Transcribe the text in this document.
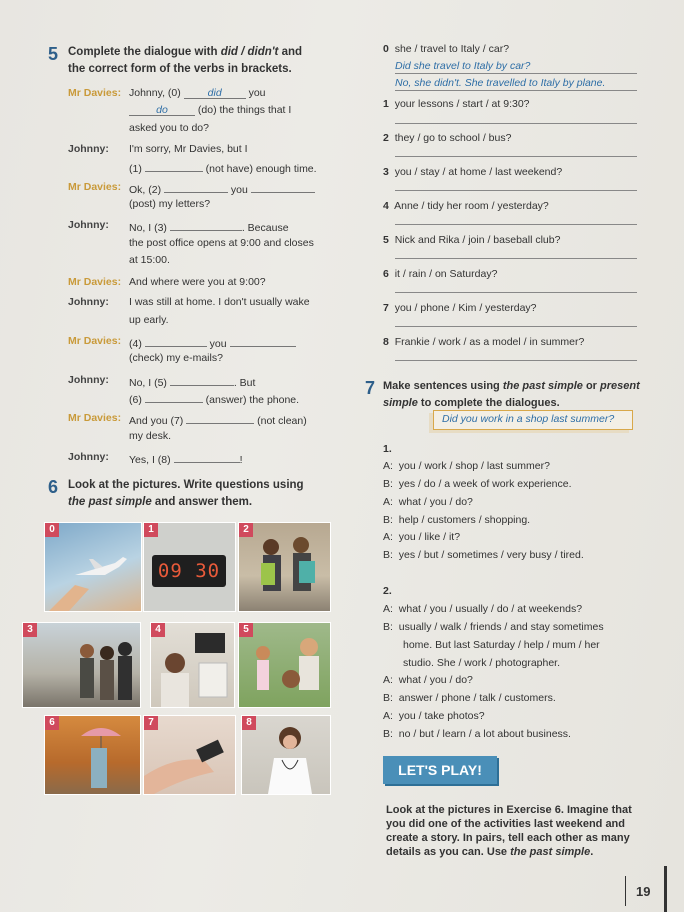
5 Complete the dialogue with did / didn't and
the correct form of the verbs in brackets.
Mr Davies: Johnny, (0) did you
do	(do) the things that I
asked you to do?
Johnny: I'm sorry, Mr Davies, but I
(1)	(not have) enough time.
Mr Davies: Ok, (2)	you
(post) my letters?
Johnny: No, I (3)	. Because
the post office opens at 9:00 and closes
at 15:00.
Mr Davies: And where were you at 9:00?
Johnny: I was still at home. I don't usually wake
up early.
Mr Davies: (4)	you
(check) my e-mails?
Johnny: No, I (5)	. But
(6)	(answer) the phone.
Mr Davies: And you (7)	(not clean)
my desk.
Johnny: Yes, I (8)	!
6 Look at the pictures. Write questions using
the past simple and answer them.
0
09 30
1	2
3	4	5
6	7	8
0 she / travel to Italy / car?
Did she travel to Italy by car?
No, she didn't. She travelled to Italy by plane.
1 your lessons / start / at 9:30?
2 they / go to school / bus?
3 you / stay / at home / last weekend?
4 Anne / tidy her room / yesterday?
5 Nick and Rika / join / baseball club?
6 it / rain / on Saturday?
7 you / phone / Kim / yesterday?
8 Frankie / work / as a model / in summer?
7 Make sentences using the past simple or present
simple to complete the dialogues.
Did you work in a shop last summer?
1.
A: you / work / shop / last summer?
B: yes / do / a week of work experience.
A: what / you / do?
B: help / customers / shopping.
A: you / like / it?
B: yes / but / sometimes / very busy / tired.
2.
A: what / you / usually / do / at weekends?
B: usually / walk / friends / and stay sometimes
home. But last Saturday / help / mum / her
studio. She / work / photographer.
A: what / you / do?
B: answer / phone / talk / customers.
A: you / take photos?
B: no / but / learn / a lot about business.
LET'S PLAY!
Look at the pictures in Exercise 6. Imagine that
you did one of the activities last weekend and
create a story. In pairs, tell each other as many
details as you can. Use the past simple.
19
